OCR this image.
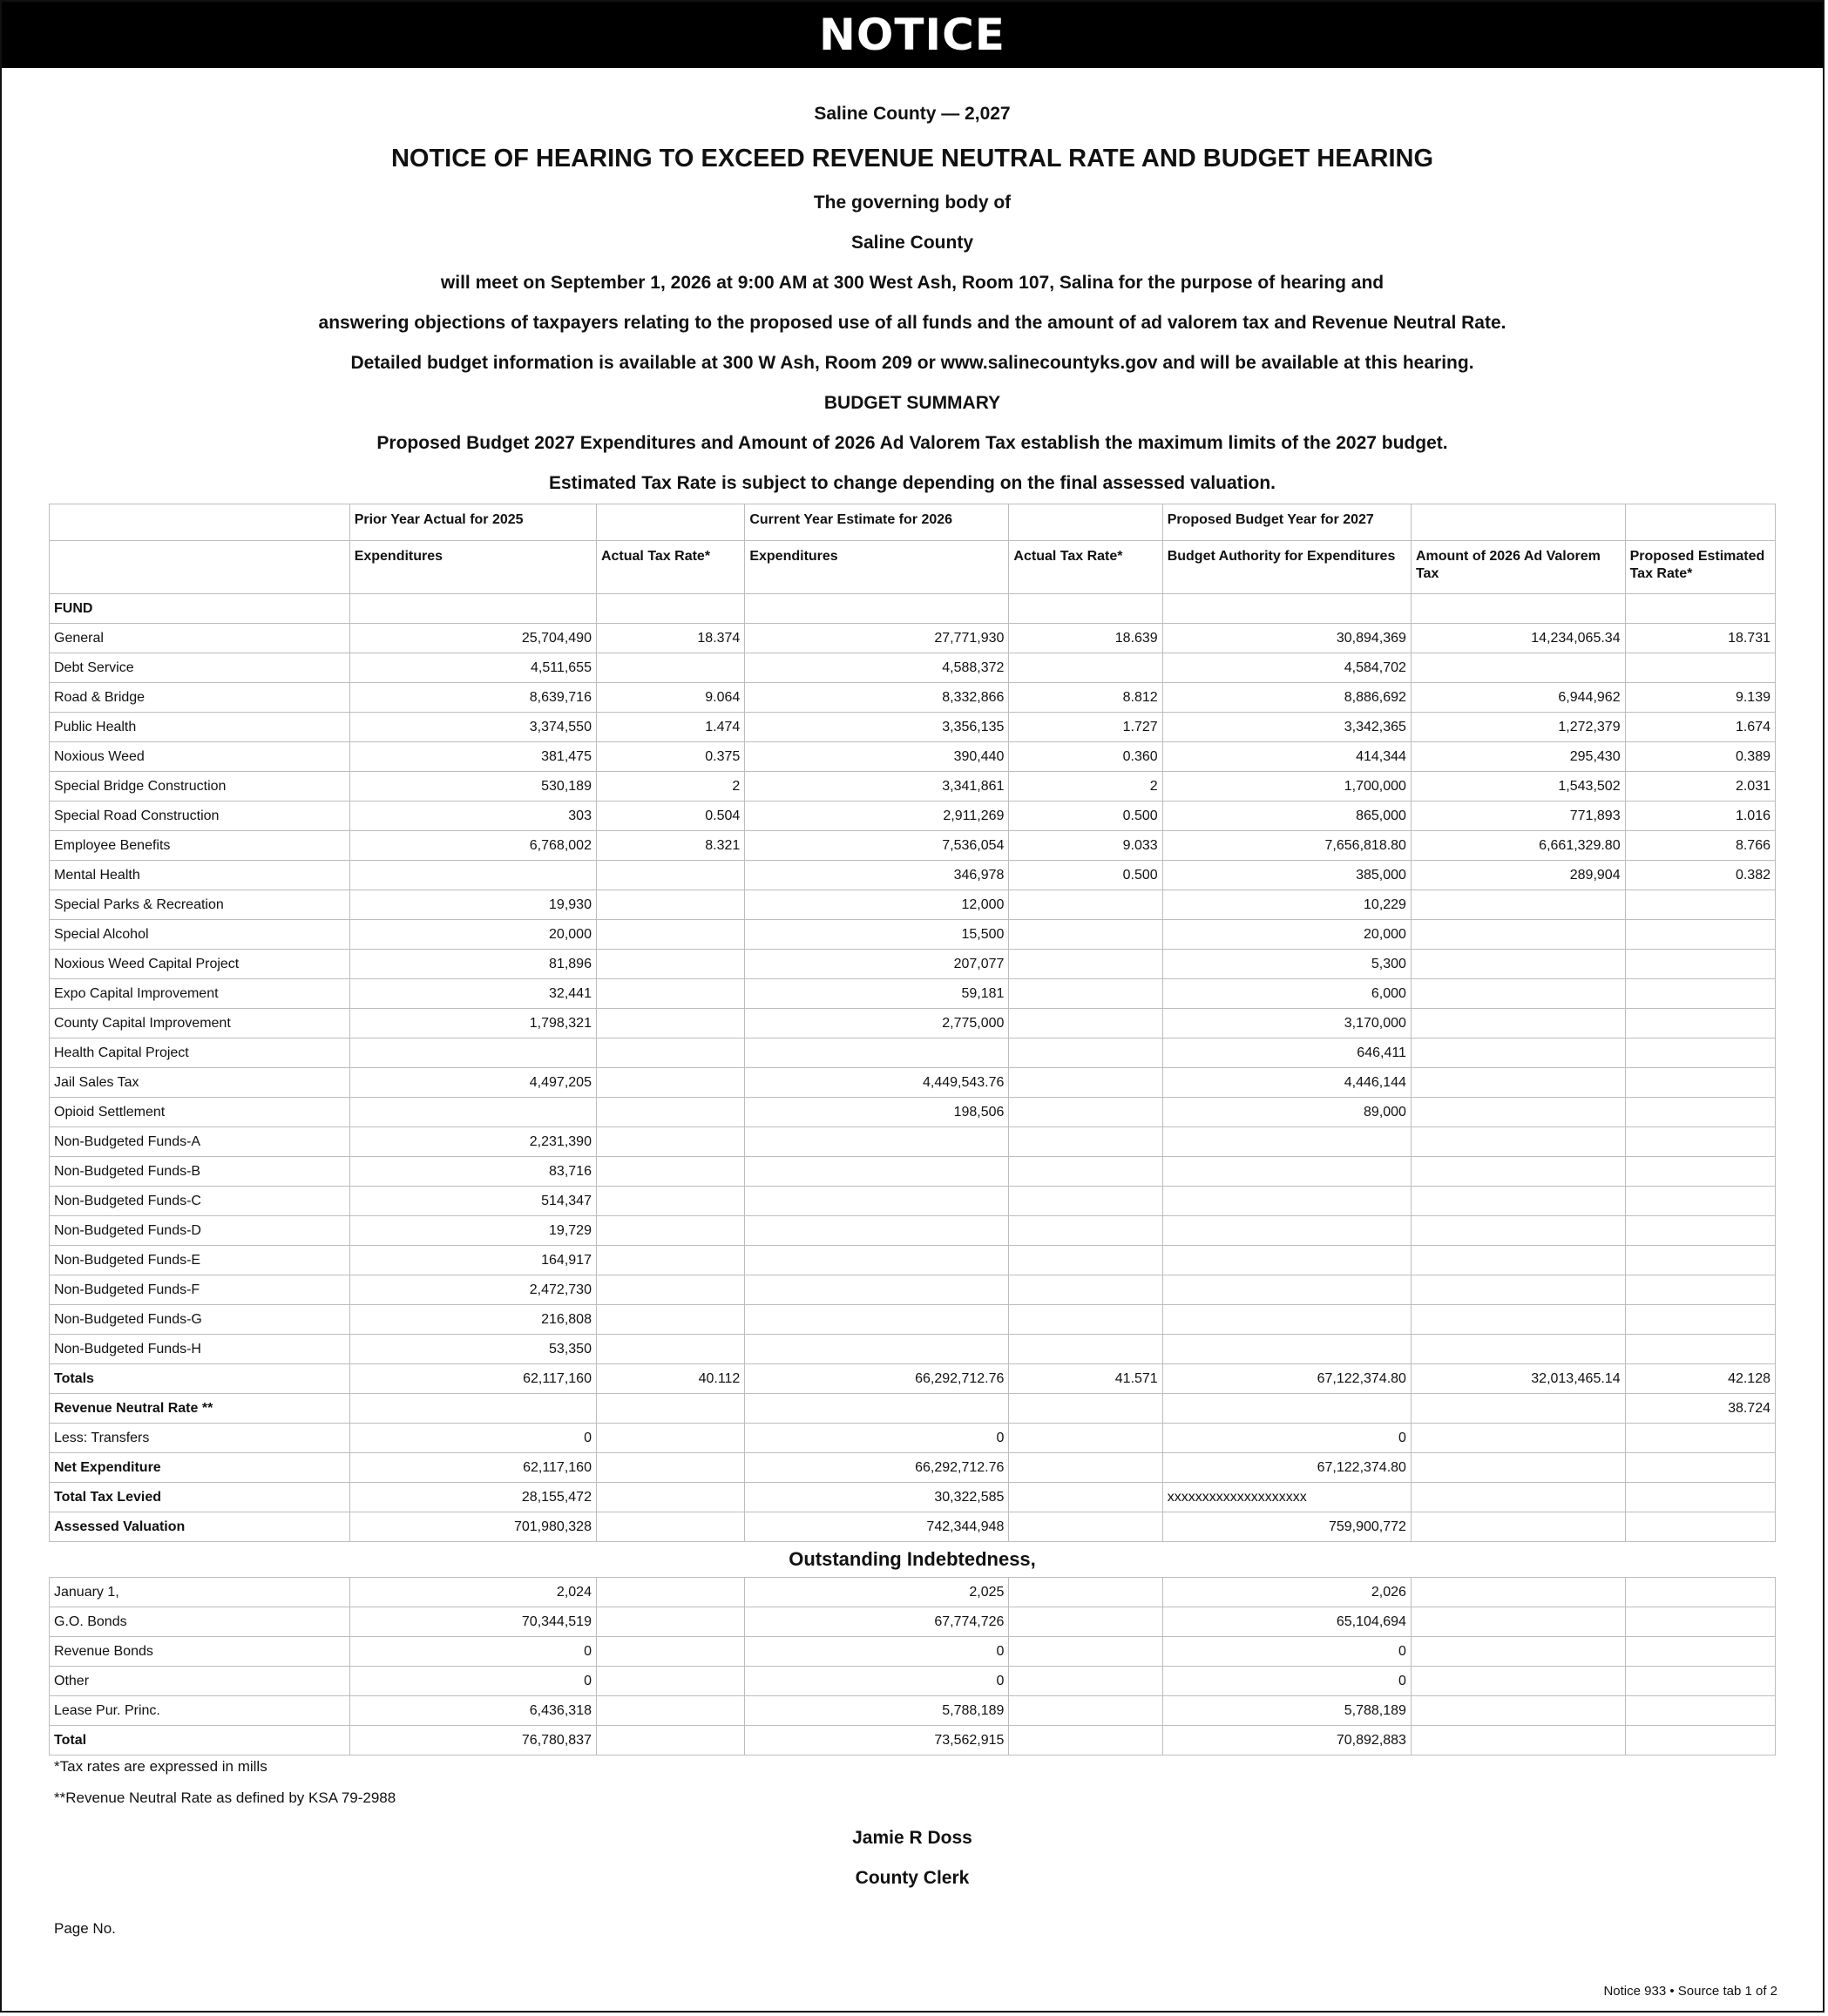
NOTICE

Saline County — 2,027

NOTICE OF HEARING TO EXCEED REVENUE NEUTRAL RATE AND BUDGET HEARING

The governing body of

Saline County

will meet on September 1, 2026 at 9:00 AM at 300 West Ash, Room 107, Salina for the purpose of hearing and

answering objections of taxpayers relating to the proposed use of all funds and the amount of ad valorem tax and Revenue Neutral Rate.

Detailed budget information is available at 300 W Ash, Room 209 or www.salinecountyks.gov and will be available at this hearing.

BUDGET SUMMARY

Proposed Budget 2027 Expenditures and Amount of 2026 Ad Valorem Tax establish the maximum limits of the 2027 budget.

Estimated Tax Rate is subject to change depending on the final assessed valuation.

	Prior Year Actual for 2025		Current Year Estimate for 2026		Proposed Budget Year for 2027		
	Expenditures	Actual Tax Rate*	Expenditures	Actual Tax Rate*	Budget Authority for Expenditures	Amount of 2026 Ad Valorem Tax	Proposed Estimated Tax Rate*
FUND							
General	25,704,490	18.374	27,771,930	18.639	30,894,369	14,234,065.34	18.731
Debt Service	4,511,655		4,588,372		4,584,702		
Road & Bridge	8,639,716	9.064	8,332,866	8.812	8,886,692	6,944,962	9.139
Public Health	3,374,550	1.474	3,356,135	1.727	3,342,365	1,272,379	1.674
Noxious Weed	381,475	0.375	390,440	0.360	414,344	295,430	0.389
Special Bridge Construction	530,189	2	3,341,861	2	1,700,000	1,543,502	2.031
Special Road Construction	303	0.504	2,911,269	0.500	865,000	771,893	1.016
Employee Benefits	6,768,002	8.321	7,536,054	9.033	7,656,818.80	6,661,329.80	8.766
Mental Health			346,978	0.500	385,000	289,904	0.382
Special Parks & Recreation	19,930		12,000		10,229		
Special Alcohol	20,000		15,500		20,000		
Noxious Weed Capital Project	81,896		207,077		5,300		
Expo Capital Improvement	32,441		59,181		6,000		
County Capital Improvement	1,798,321		2,775,000		3,170,000		
Health Capital Project					646,411		
Jail Sales Tax	4,497,205		4,449,543.76		4,446,144		
Opioid Settlement			198,506		89,000		
Non-Budgeted Funds-A	2,231,390						
Non-Budgeted Funds-B	83,716						
Non-Budgeted Funds-C	514,347						
Non-Budgeted Funds-D	19,729						
Non-Budgeted Funds-E	164,917						
Non-Budgeted Funds-F	2,472,730						
Non-Budgeted Funds-G	216,808						
Non-Budgeted Funds-H	53,350						
Totals	62,117,160	40.112	66,292,712.76	41.571	67,122,374.80	32,013,465.14	42.128
Revenue Neutral Rate **							38.724
Less: Transfers	0		0		0		
Net Expenditure	62,117,160		66,292,712.76		67,122,374.80		
Total Tax Levied	28,155,472		30,322,585		xxxxxxxxxxxxxxxxxxxx		
Assessed Valuation	701,980,328		742,344,948		759,900,772		

Outstanding Indebtedness,

January 1,	2,024		2,025		2,026		
G.O. Bonds	70,344,519		67,774,726		65,104,694		
Revenue Bonds	0		0		0		
Other	0		0		0		
Lease Pur. Princ.	6,436,318		5,788,189		5,788,189		
Total	76,780,837		73,562,915		70,892,883		

*Tax rates are expressed in mills

**Revenue Neutral Rate as defined by KSA 79-2988

Jamie R Doss

County Clerk

Page No.

Notice 933 • Source tab 1 of 2
